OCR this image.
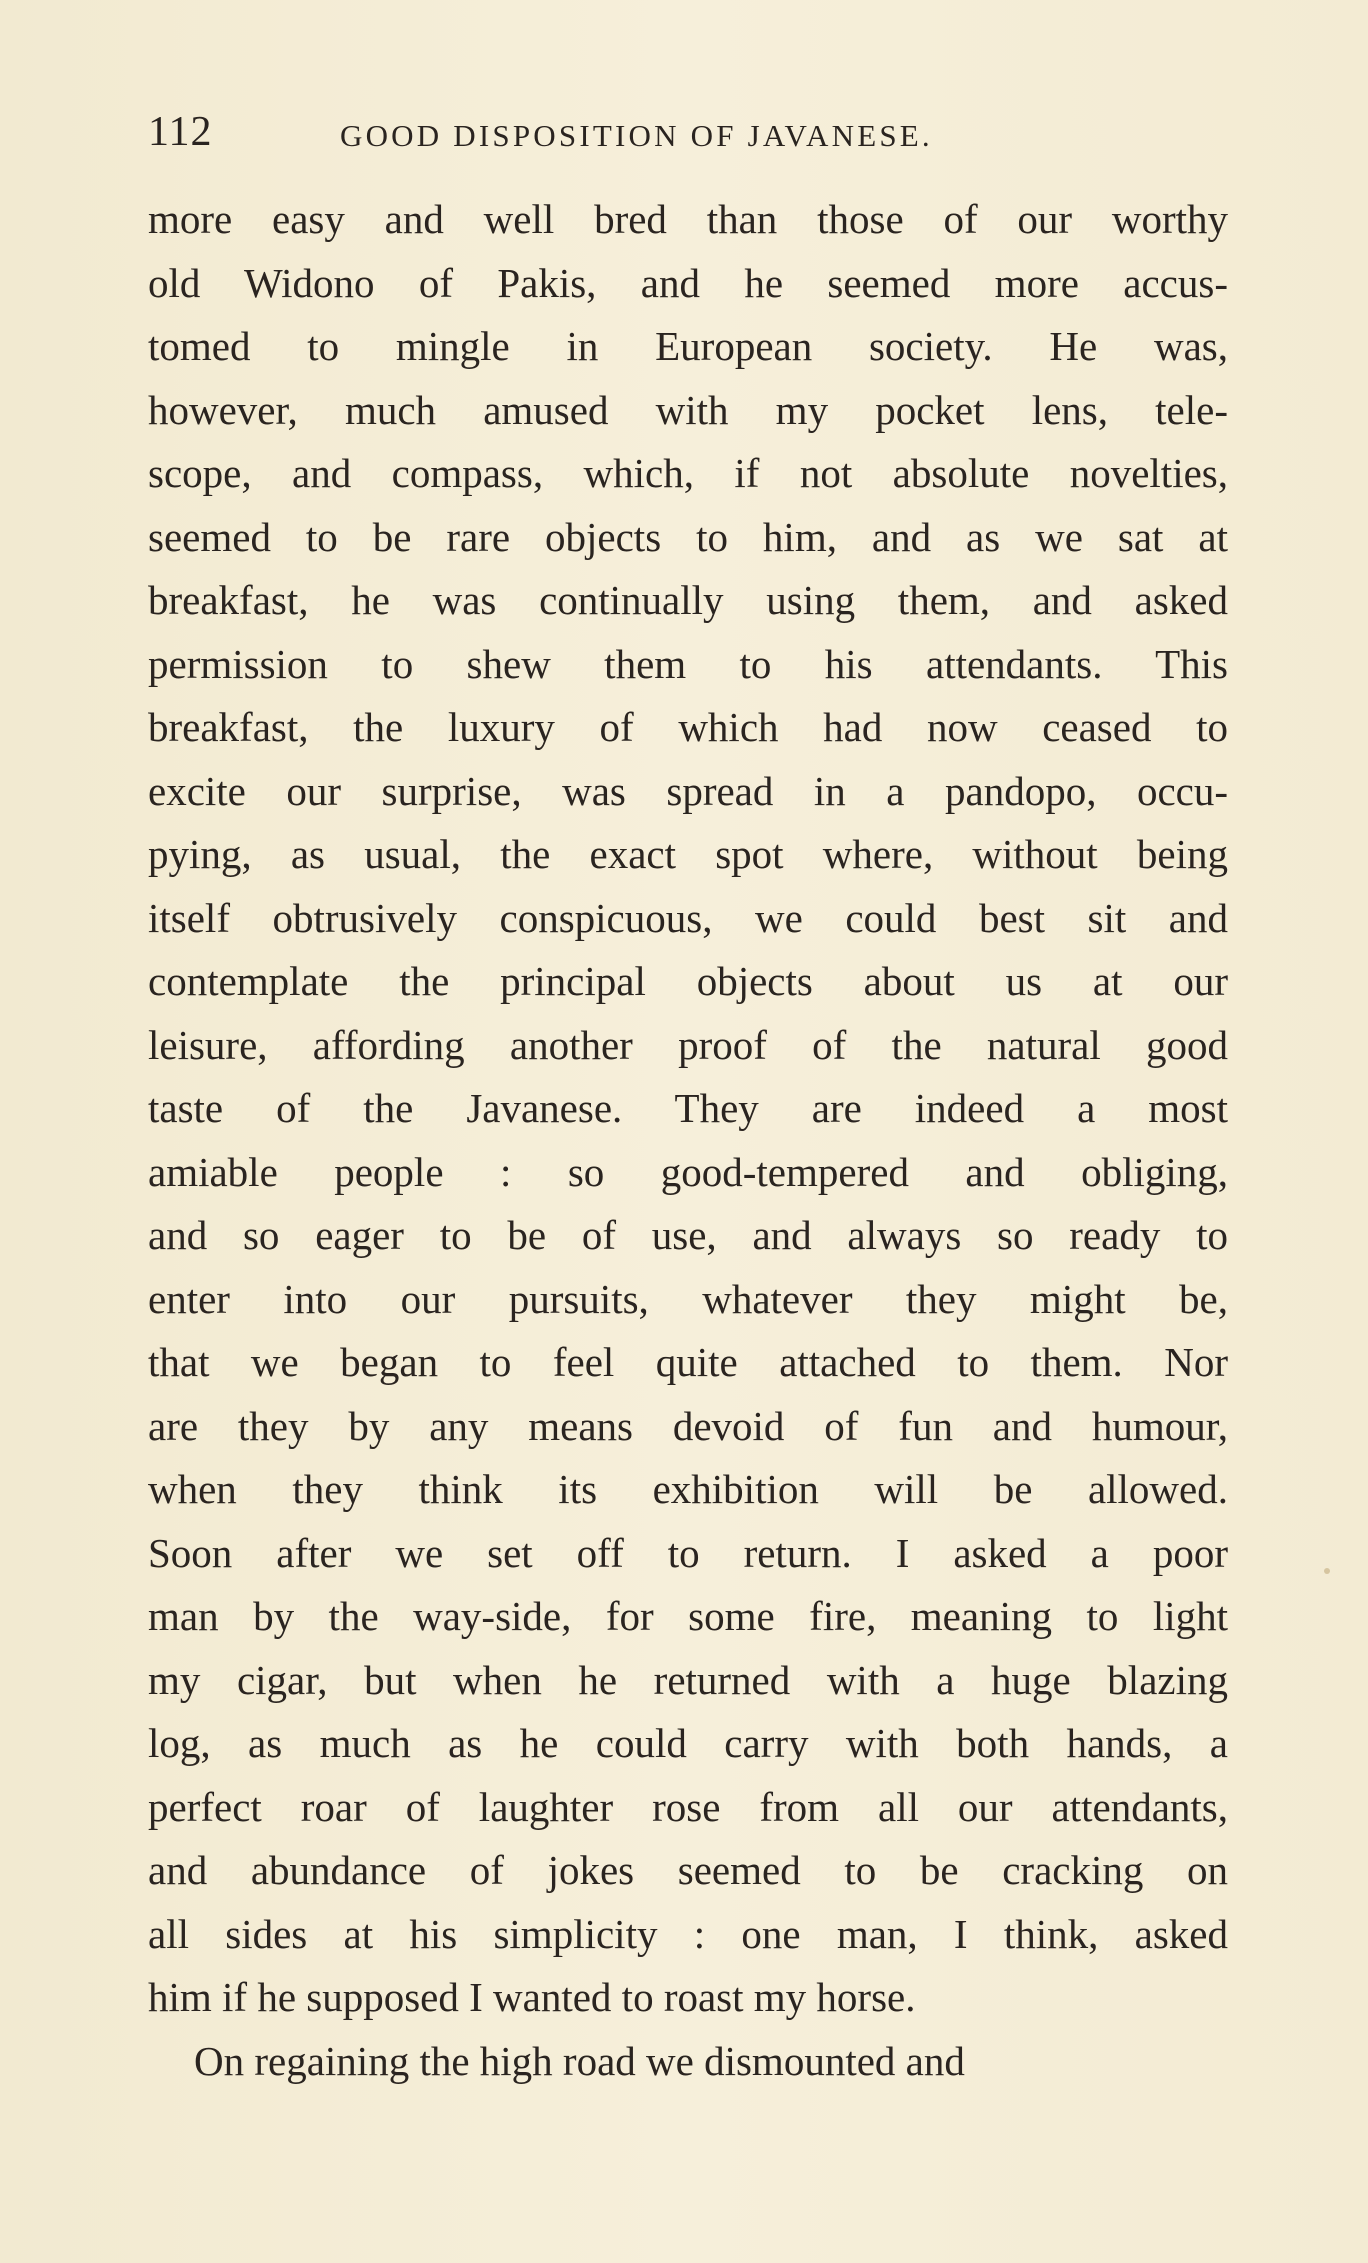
112	GOOD DISPOSITION OF JAVANESE.
more easy and well bred than those of our worthy
old Widono of Pakis, and he seemed more accus-
tomed to mingle in European society. He was,
however, much amused with my pocket lens, tele-
scope, and compass, which, if not absolute novelties,
seemed to be rare objects to him, and as we sat at
breakfast, he was continually using them, and asked
permission to shew them to his attendants. This
breakfast, the luxury of which had now ceased to
excite our surprise, was spread in a pandopo, occu-
pying, as usual, the exact spot where, without being
itself obtrusively conspicuous, we could best sit and
contemplate the principal objects about us at our
leisure, affording another proof of the natural good
taste of the Javanese. They are indeed a most
amiable people : so good-tempered and obliging,
and so eager to be of use, and always so ready to
enter into our pursuits, whatever they might be,
that we began to feel quite attached to them. Nor
are they by any means devoid of fun and humour,
when they think its exhibition will be allowed.
Soon after we set off to return. I asked a poor
man by the way-side, for some fire, meaning to light
my cigar, but when he returned with a huge blazing
log, as much as he could carry with both hands, a
perfect roar of laughter rose from all our attendants,
and abundance of jokes seemed to be cracking on
all sides at his simplicity : one man, I think, asked
him if he supposed I wanted to roast my horse.
On regaining the high road we dismounted and
